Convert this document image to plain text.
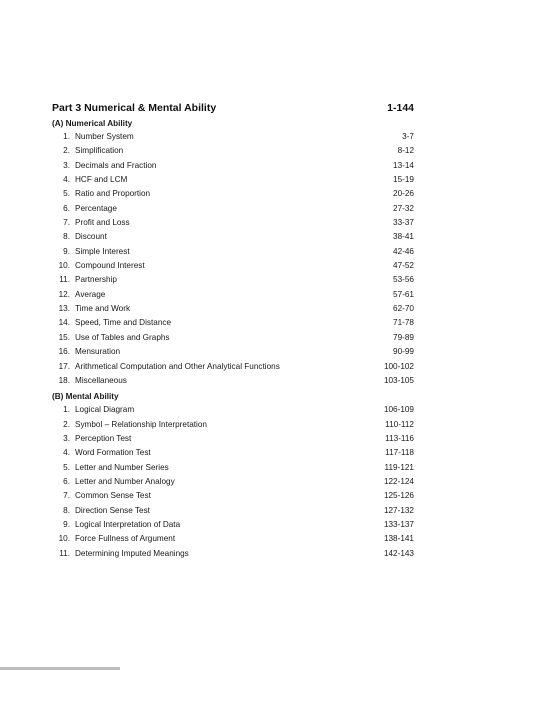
Part 3 Numerical & Mental Ability	1-144
(A) Numerical Ability
1. Number System	3-7
2. Simplification	8-12
3. Decimals and Fraction	13-14
4. HCF and LCM	15-19
5. Ratio and Proportion	20-26
6. Percentage	27-32
7. Profit and Loss	33-37
8. Discount	38-41
9. Simple Interest	42-46
10. Compound Interest	47-52
11. Partnership	53-56
12. Average	57-61
13. Time and Work	62-70
14. Speed, Time and Distance	71-78
15. Use of Tables and Graphs	79-89
16. Mensuration	90-99
17. Arithmetical Computation and Other Analytical Functions	100-102
18. Miscellaneous	103-105
(B) Mental Ability
1. Logical Diagram	106-109
2. Symbol – Relationship Interpretation	110-112
3. Perception Test	113-116
4. Word Formation Test	117-118
5. Letter and Number Series	119-121
6. Letter and Number Analogy	122-124
7. Common Sense Test	125-126
8. Direction Sense Test	127-132
9. Logical Interpretation of Data	133-137
10. Force Fullness of Argument	138-141
11. Determining Imputed Meanings	142-143
